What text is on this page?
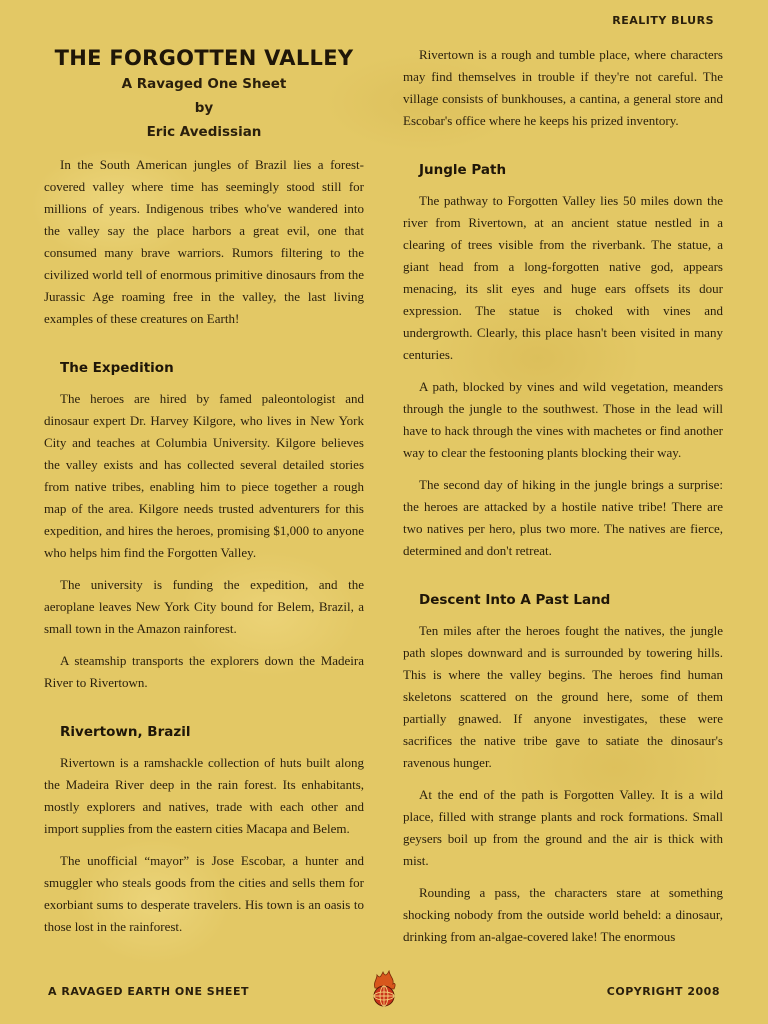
REALITY BLURS
THE FORGOTTEN VALLEY
A Ravaged One Sheet
by
Eric Avedissian

In the South American jungles of Brazil lies a forest-covered valley where time has seemingly stood still for millions of years. Indigenous tribes who've wandered into the valley say the place harbors a great evil, one that consumed many brave warriors. Rumors filtering to the civilized world tell of enormous primitive dinosaurs from the Jurassic Age roaming free in the valley, the last living examples of these creatures on Earth!

The Expedition

The heroes are hired by famed paleontologist and dinosaur expert Dr. Harvey Kilgore, who lives in New York City and teaches at Columbia University. Kilgore believes the valley exists and has collected several detailed stories from native tribes, enabling him to piece together a rough map of the area. Kilgore needs trusted adventurers for this expedition, and hires the heroes, promising $1,000 to anyone who helps him find the Forgotten Valley.

The university is funding the expedition, and the aeroplane leaves New York City bound for Belem, Brazil, a small town in the Amazon rainforest.

A steamship transports the explorers down the Madeira River to Rivertown.

Rivertown, Brazil

Rivertown is a ramshackle collection of huts built along the Madeira River deep in the rain forest. Its enhabitants, mostly explorers and natives, trade with each other and import supplies from the eastern cities Macapa and Belem.

The unofficial “mayor” is Jose Escobar, a hunter and smuggler who steals goods from the cities and sells them for exorbiant sums to desperate travelers. His town is an oasis to those lost in the rainforest.

Rivertown is a rough and tumble place, where characters may find themselves in trouble if they're not careful. The village consists of bunkhouses, a cantina, a general store and Escobar's office where he keeps his prized inventory.

Jungle Path

The pathway to Forgotten Valley lies 50 miles down the river from Rivertown, at an ancient statue nestled in a clearing of trees visible from the riverbank. The statue, a giant head from a long-forgotten native god, appears menacing, its slit eyes and huge ears offsets its dour expression. The statue is choked with vines and undergrowth. Clearly, this place hasn't been visited in many centuries.

A path, blocked by vines and wild vegetation, meanders through the jungle to the southwest. Those in the lead will have to hack through the vines with machetes or find another way to clear the festooning plants blocking their way.

The second day of hiking in the jungle brings a surprise: the heroes are attacked by a hostile native tribe! There are two natives per hero, plus two more. The natives are fierce, determined and don't retreat.

Descent Into A Past Land

Ten miles after the heroes fought the natives, the jungle path slopes downward and is surrounded by towering hills. This is where the valley begins. The heroes find human skeletons scattered on the ground here, some of them partially gnawed. If anyone investigates, these were sacrifices the native tribe gave to satiate the dinosaur's ravenous hunger.

At the end of the path is Forgotten Valley. It is a wild place, filled with strange plants and rock formations. Small geysers boil up from the ground and the air is thick with mist.

Rounding a pass, the characters stare at something shocking nobody from the outside world beheld: a dinosaur, drinking from an-algae-covered lake! The enormous

A RAVAGED EARTH ONE SHEET	COPYRIGHT 2008
